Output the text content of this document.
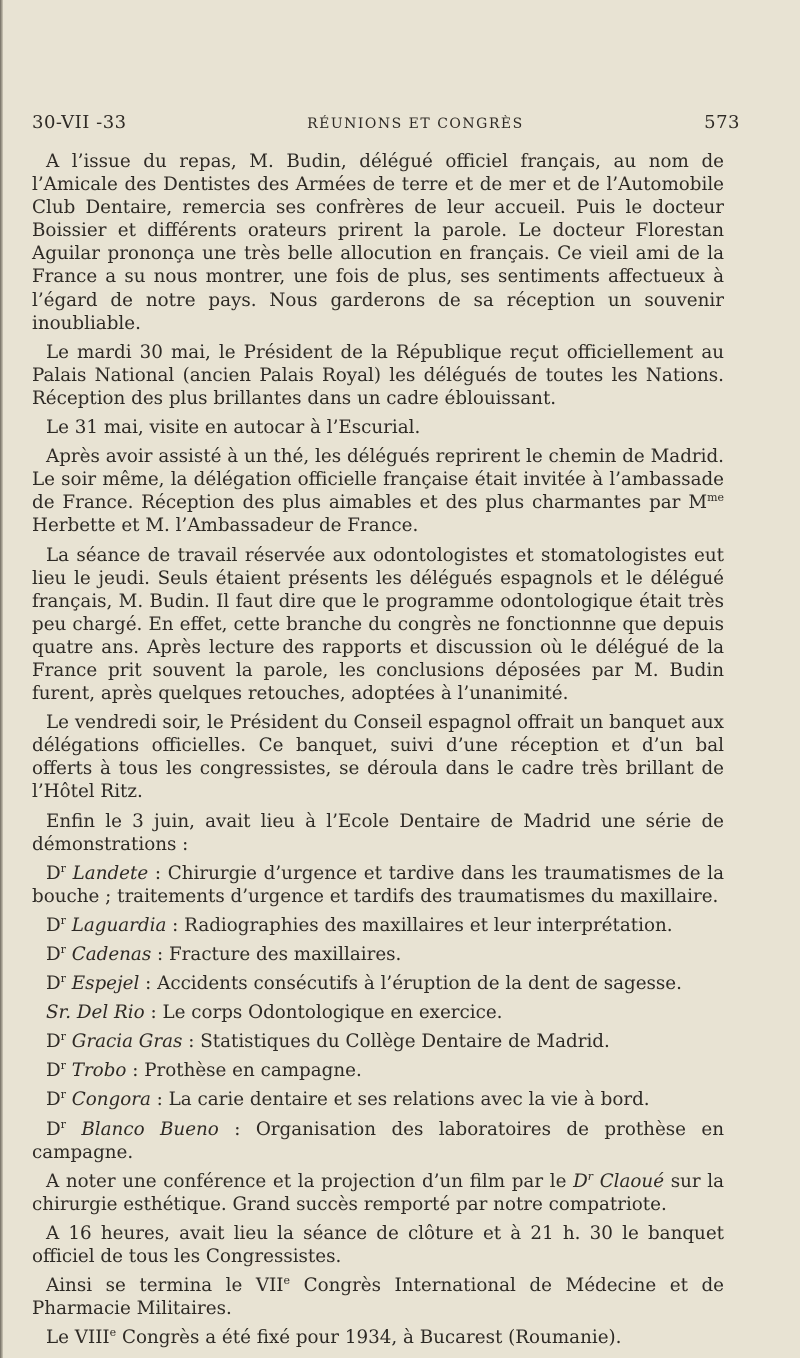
30-VII -33	RÉUNIONS ET CONGRÈS	573

A l’issue du repas, M. Budin, délégué officiel français, au nom de l’Amicale des Dentistes des Armées de terre et de mer et de l’Automobile Club Dentaire, remercia ses confrères de leur accueil. Puis le docteur Boissier et différents orateurs prirent la parole. Le docteur Florestan Aguilar prononça une très belle allocution en français. Ce vieil ami de la France a su nous montrer, une fois de plus, ses sentiments affectueux à l’égard de notre pays. Nous garderons de sa réception un souvenir inoubliable.

Le mardi 30 mai, le Président de la République reçut officiellement au Palais National (ancien Palais Royal) les délégués de toutes les Nations. Réception des plus brillantes dans un cadre éblouissant.

Le 31 mai, visite en autocar à l’Escurial.

Après avoir assisté à un thé, les délégués reprirent le chemin de Madrid. Le soir même, la délégation officielle française était invitée à l’ambassade de France. Réception des plus aimables et des plus charmantes par $M^{me}$ Herbette et M. l’Ambassadeur de France.

La séance de travail réservée aux odontologistes et stomatologistes eut lieu le jeudi. Seuls étaient présents les délégués espagnols et le délégué français, M. Budin. Il faut dire que le programme odontologique était très peu chargé. En effet, cette branche du congrès ne fonctionnne que depuis quatre ans. Après lecture des rapports et discussion où le délégué de la France prit souvent la parole, les conclusions déposées par M. Budin furent, après quelques retouches, adoptées à l’unanimité.

Le vendredi soir, le Président du Conseil espagnol offrait un banquet aux délégations officielles. Ce banquet, suivi d’une réception et d’un bal offerts à tous les congressistes, se déroula dans le cadre très brillant de l’Hôtel Ritz.

Enfin le 3 juin, avait lieu à l’Ecole Dentaire de Madrid une série de démonstrations :

$D^r$ Landete : Chirurgie d’urgence et tardive dans les traumatismes de la bouche ; traitements d’urgence et tardifs des traumatismes du maxillaire.

$D^r$ Laguardia : Radiographies des maxillaires et leur interprétation.

$D^r$ Cadenas : Fracture des maxillaires.

$D^r$ Espejel : Accidents consécutifs à l’éruption de la dent de sagesse.

Sr. Del Rio : Le corps Odontologique en exercice.

$D^r$ Gracia Gras : Statistiques du Collège Dentaire de Madrid.

$D^r$ Trobo : Prothèse en campagne.

$D^r$ Congora : La carie dentaire et ses relations avec la vie à bord.

$D^r$ Blanco Bueno : Organisation des laboratoires de prothèse en campagne.

A noter une conférence et la projection d’un film par le $D^r$ Claoué sur la chirurgie esthétique. Grand succès remporté par notre compatriote.

A 16 heures, avait lieu la séance de clôture et à 21 h. 30 le banquet officiel de tous les Congressistes.

Ainsi se termina le VIIe Congrès International de Médecine et de Pharmacie Militaires.

Le VIIIe Congrès a été fixé pour 1934, à Bucarest (Roumanie).
